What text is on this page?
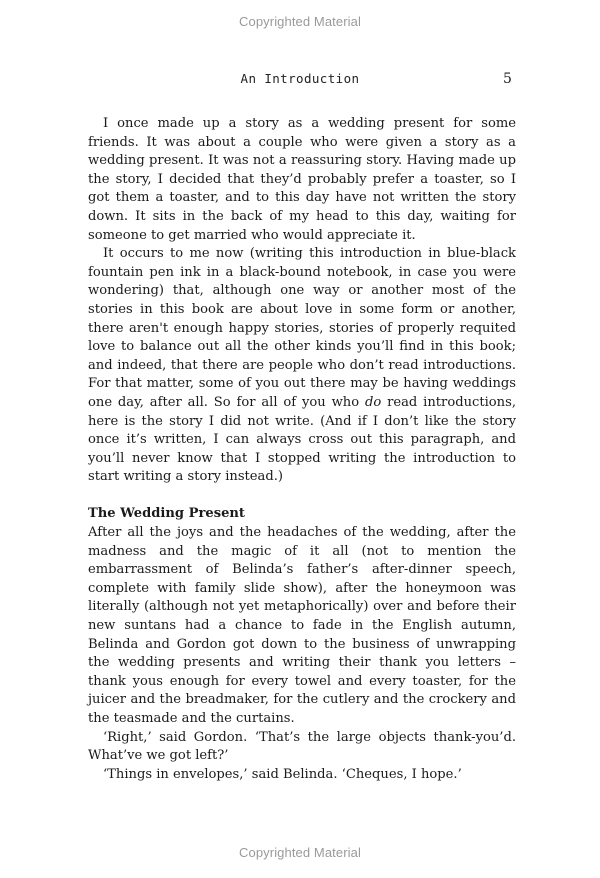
Copyrighted Material
An Introduction	5

I once made up a story as a wedding present for some friends. It was about a couple who were given a story as a wedding present. It was not a reassuring story. Having made up the story, I decided that they’d probably prefer a toaster, so I got them a toaster, and to this day have not written the story down. It sits in the back of my head to this day, waiting for someone to get married who would appreciate it.

It occurs to me now (writing this introduction in blue-black fountain pen ink in a black-bound notebook, in case you were wondering) that, although one way or another most of the stories in this book are about love in some form or another, there aren't enough happy stories, stories of properly requited love to balance out all the other kinds you’ll find in this book; and indeed, that there are people who don’t read introductions. For that matter, some of you out there may be having weddings one day, after all. So for all of you who do read introductions, here is the story I did not write. (And if I don’t like the story once it’s written, I can always cross out this paragraph, and you’ll never know that I stopped writing the introduction to start writing a story instead.)

The Wedding Present

After all the joys and the headaches of the wedding, after the madness and the magic of it all (not to mention the embarrassment of Belinda’s father’s after-dinner speech, complete with family slide show), after the honeymoon was literally (although not yet metaphorically) over and before their new suntans had a chance to fade in the English autumn, Belinda and Gordon got down to the business of unwrapping the wedding presents and writing their thank you letters – thank yous enough for every towel and every toaster, for the juicer and the breadmaker, for the cutlery and the crockery and the teasmade and the curtains.

‘Right,’ said Gordon. ‘That’s the large objects thank-you’d. What’ve we got left?’

‘Things in envelopes,’ said Belinda. ‘Cheques, I hope.’

Copyrighted Material
